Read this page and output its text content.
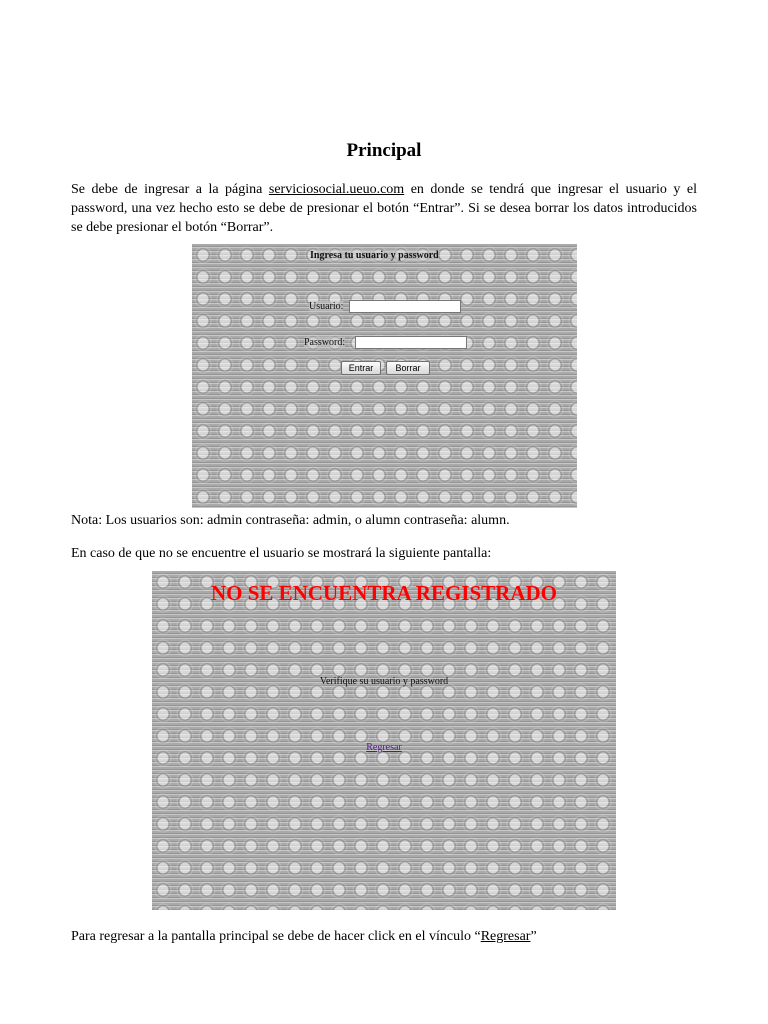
Principal
Se debe de ingresar a la página serviciosocial.ueuo.com en donde se tendrá que ingresar el usuario y el password, una vez hecho esto se debe de presionar el botón “Entrar”. Si se desea borrar los datos introducidos se debe presionar el botón “Borrar”.
Ingresa tu usuario y password
Usuario:
Password:
Entrar	Borrar
Nota: Los usuarios son: admin contraseña: admin, o alumn contraseña: alumn.
En caso de que no se encuentre el usuario se mostrará la siguiente pantalla:
NO SE ENCUENTRA REGISTRADO
Verifique su usuario y password
Regresar
Para regresar a la pantalla principal se debe de hacer click en el vínculo “Regresar”
